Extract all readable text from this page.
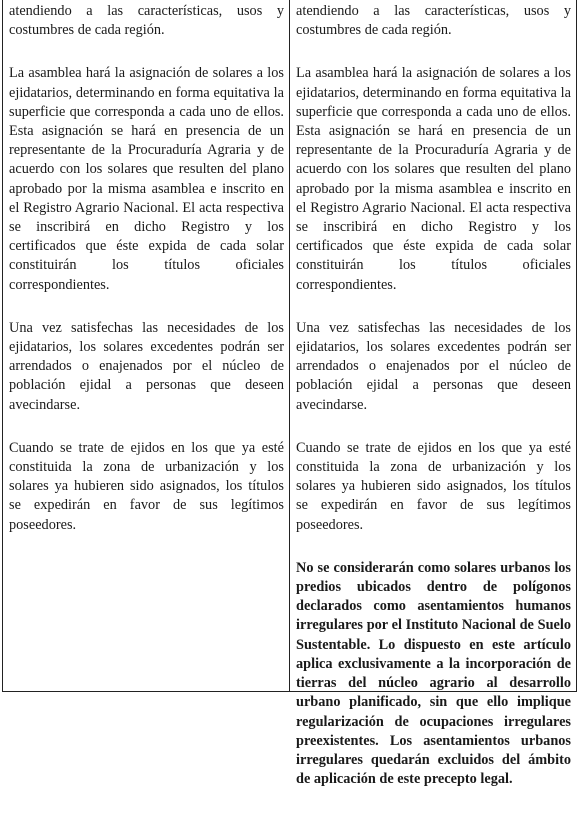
atendiendo a las características, usos y costumbres de cada región.

La asamblea hará la asignación de solares a los ejidatarios, determinando en forma equitativa la superficie que corresponda a cada uno de ellos. Esta asignación se hará en presencia de un representante de la Procuraduría Agraria y de acuerdo con los solares que resulten del plano aprobado por la misma asamblea e inscrito en el Registro Agrario Nacional. El acta respectiva se inscribirá en dicho Registro y los certificados que éste expida de cada solar constituirán los títulos oficiales correspondientes.

Una vez satisfechas las necesidades de los ejidatarios, los solares excedentes podrán ser arrendados o enajenados por el núcleo de población ejidal a personas que deseen avecindarse.

Cuando se trate de ejidos en los que ya esté constituida la zona de urbanización y los solares ya hubieren sido asignados, los títulos se expedirán en favor de sus legítimos poseedores.

atendiendo a las características, usos y costumbres de cada región.

La asamblea hará la asignación de solares a los ejidatarios, determinando en forma equitativa la superficie que corresponda a cada uno de ellos. Esta asignación se hará en presencia de un representante de la Procuraduría Agraria y de acuerdo con los solares que resulten del plano aprobado por la misma asamblea e inscrito en el Registro Agrario Nacional. El acta respectiva se inscribirá en dicho Registro y los certificados que éste expida de cada solar constituirán los títulos oficiales correspondientes.

Una vez satisfechas las necesidades de los ejidatarios, los solares excedentes podrán ser arrendados o enajenados por el núcleo de población ejidal a personas que deseen avecindarse.

Cuando se trate de ejidos en los que ya esté constituida la zona de urbanización y los solares ya hubieren sido asignados, los títulos se expedirán en favor de sus legítimos poseedores.

No se considerarán como solares urbanos los predios ubicados dentro de polígonos declarados como asentamientos humanos irregulares por el Instituto Nacional de Suelo Sustentable. Lo dispuesto en este artículo aplica exclusivamente a la incorporación de tierras del núcleo agrario al desarrollo urbano planificado, sin que ello implique regularización de ocupaciones irregulares preexistentes. Los asentamientos urbanos irregulares quedarán excluidos del ámbito de aplicación de este precepto legal.
